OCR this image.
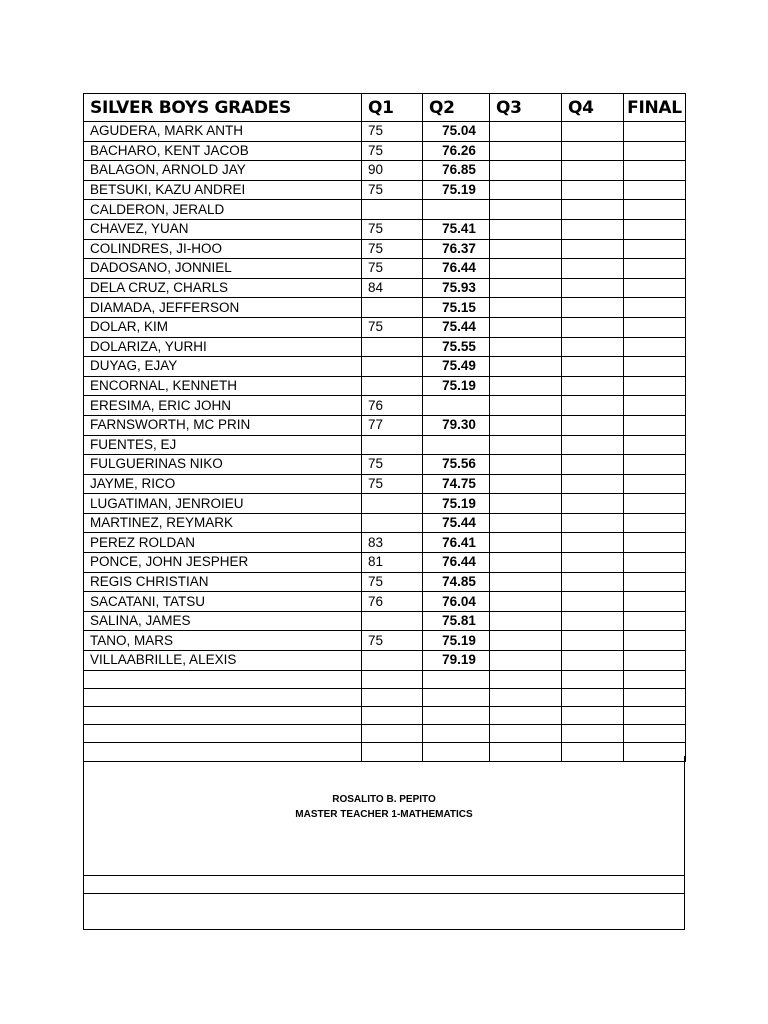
SILVER BOYS GRADES	Q1	Q2	Q3	Q4	FINAL
AGUDERA, MARK ANTH	75	75.04			
BACHARO, KENT JACOB	75	76.26			
BALAGON, ARNOLD JAY	90	76.85			
BETSUKI, KAZU ANDREI	75	75.19			
CALDERON, JERALD					
CHAVEZ, YUAN	75	75.41			
COLINDRES, JI-HOO	75	76.37			
DADOSANO, JONNIEL	75	76.44			
DELA CRUZ, CHARLS	84	75.93			
DIAMADA, JEFFERSON		75.15			
DOLAR, KIM	75	75.44			
DOLARIZA, YURHI		75.55			
DUYAG, EJAY		75.49			
ENCORNAL, KENNETH		75.19			
ERESIMA, ERIC JOHN	76				
FARNSWORTH, MC PRIN	77	79.30			
FUENTES, EJ					
FULGUERINAS NIKO	75	75.56			
JAYME, RICO	75	74.75			
LUGATIMAN, JENROIEU		75.19			
MARTINEZ, REYMARK		75.44			
PEREZ ROLDAN	83	76.41			
PONCE, JOHN JESPHER	81	76.44			
REGIS CHRISTIAN	75	74.85			
SACATANI, TATSU	76	76.04			
SALINA, JAMES		75.81			
TANO, MARS	75	75.19			
VILLAABRILLE, ALEXIS		79.19			

ROSALITO B. PEPITO
MASTER TEACHER 1-MATHEMATICS
